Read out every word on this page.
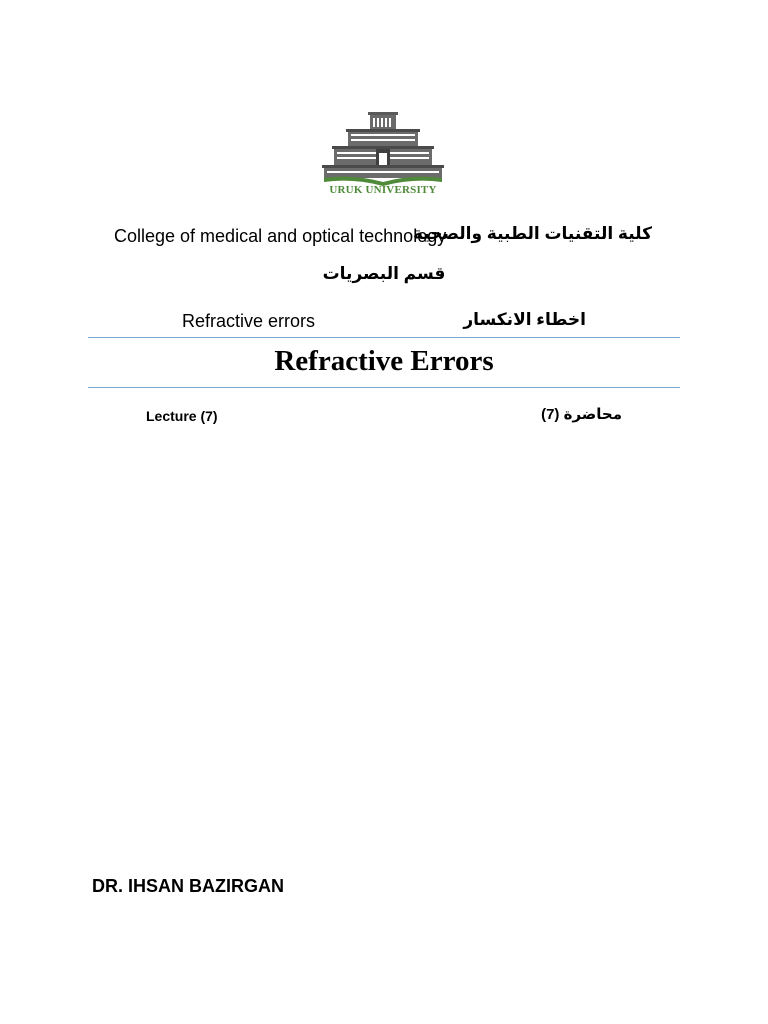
URUK UNIVERSITY
College of medical and optical technology
كلية التقنيات الطبية والصحية
قسم البصريات
Refractive errors	اخطاء الانكسار
Refractive Errors
Lecture (7)	محاضرة (7)
DR. IHSAN BAZIRGAN
